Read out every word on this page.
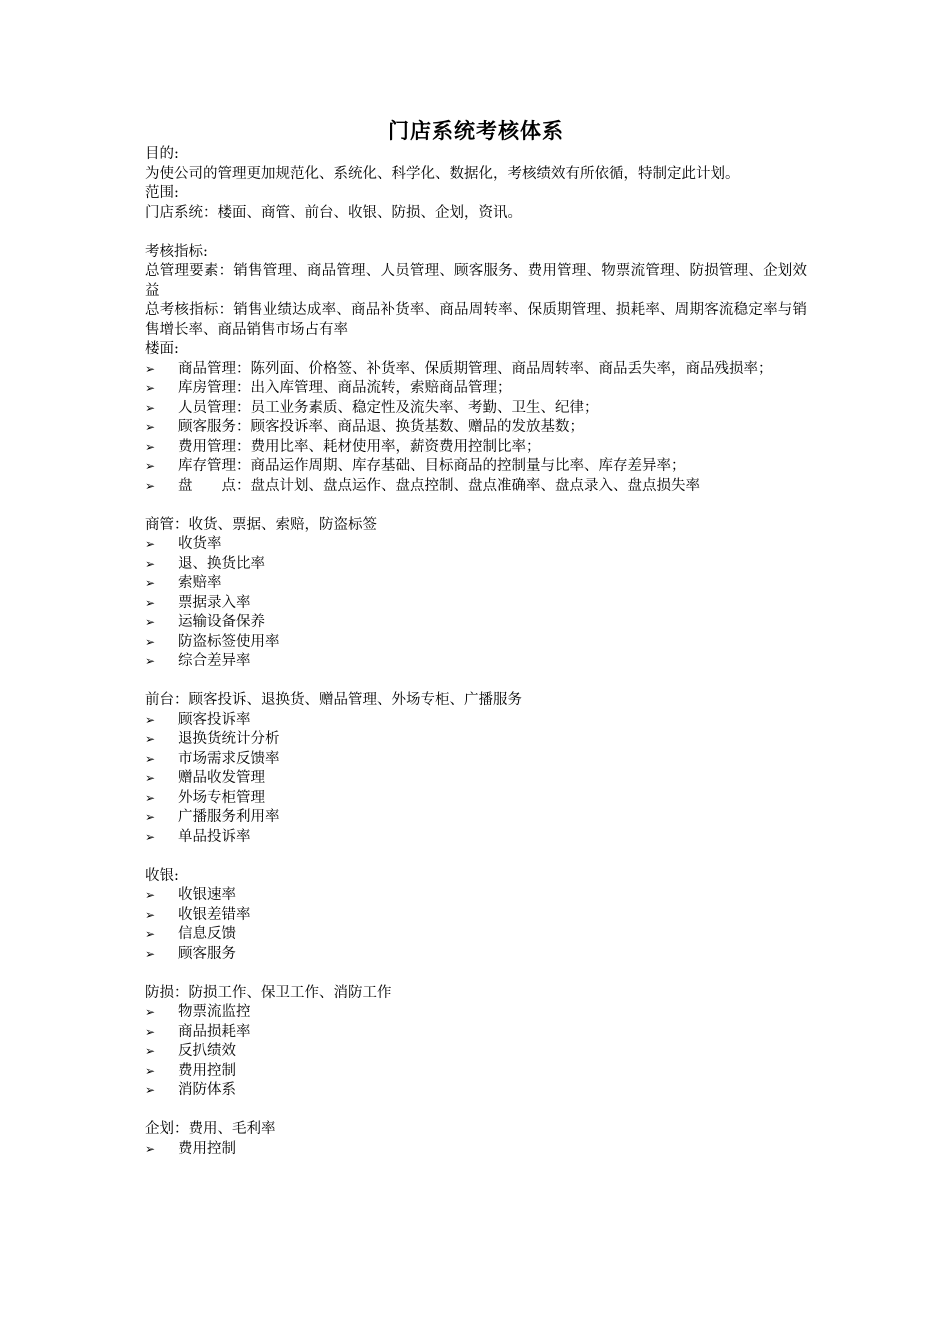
门店系统考核体系

目的:

为使公司的管理更加规范化、系统化、科学化、数据化，考核绩效有所依循，特制定此计划。

范围:

门店系统：楼面、商管、前台、收银、防损、企划，资讯。

考核指标:

总管理要素：销售管理、商品管理、人员管理、顾客服务、费用管理、物票流管理、防损管理、企划效益

总考核指标：销售业绩达成率、商品补货率、商品周转率、保质期管理、损耗率、周期客流稳定率与销售增长率、商品销售市场占有率

楼面:

➢	商品管理：陈列面、价格签、补货率、保质期管理、商品周转率、商品丢失率，商品残损率；
➢	库房管理：出入库管理、商品流转，索赔商品管理；
➢	人员管理：员工业务素质、稳定性及流失率、考勤、卫生、纪律；
➢	顾客服务：顾客投诉率、商品退、换货基数、赠品的发放基数；
➢	费用管理：费用比率、耗材使用率，薪资费用控制比率；
➢	库存管理：商品运作周期、库存基础、目标商品的控制量与比率、库存差异率；
➢	盘　　点：盘点计划、盘点运作、盘点控制、盘点准确率、盘点录入、盘点损失率

商管：收货、票据、索赔，防盗标签

➢	收货率
➢	退、换货比率
➢	索赔率
➢	票据录入率
➢	运输设备保养
➢	防盗标签使用率
➢	综合差异率

前台：顾客投诉、退换货、赠品管理、外场专柜、广播服务

➢	顾客投诉率
➢	退换货统计分析
➢	市场需求反馈率
➢	赠品收发管理
➢	外场专柜管理
➢	广播服务利用率
➢	单品投诉率

收银:

➢	收银速率
➢	收银差错率
➢	信息反馈
➢	顾客服务

防损：防损工作、保卫工作、消防工作

➢	物票流监控
➢	商品损耗率
➢	反扒绩效
➢	费用控制
➢	消防体系

企划：费用、毛利率

➢	费用控制
